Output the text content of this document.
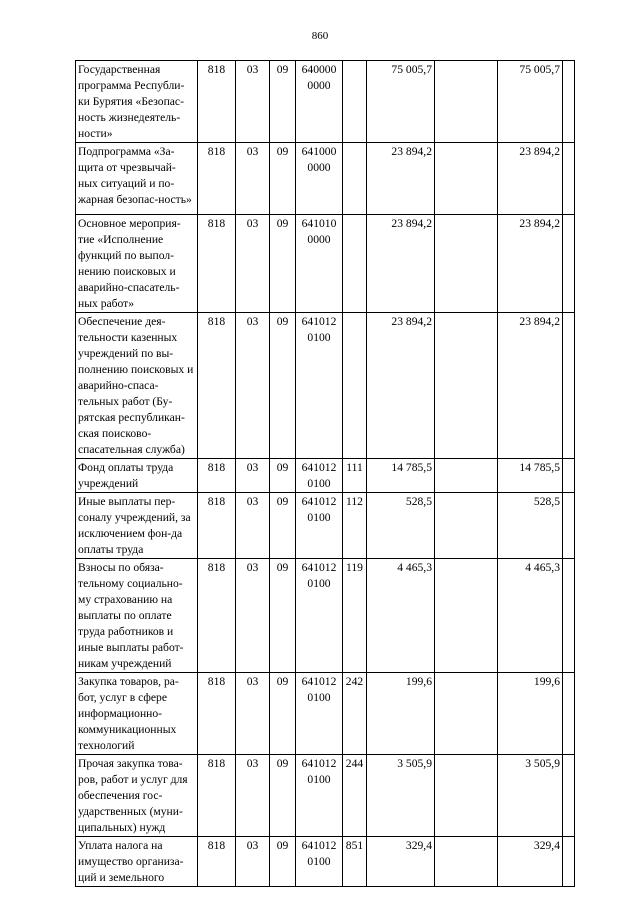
860
Государственная программа Республи-ки Бурятия «Безопас-ность жизнедеятель-ности»	818	03	09	640000 0000		75 005,7		75 005,7	
Подпрограмма «За-щита от чрезвычай-ных ситуаций и по-жарная безопас-ность»	818	03	09	641000 0000		23 894,2		23 894,2	
Основное мероприя-тие «Исполнение функций по выпол-нению поисковых и аварийно-спасатель-ных работ»	818	03	09	641010 0000		23 894,2		23 894,2	
Обеспечение дея-тельности казенных учреждений по вы-полнению поисковых и аварийно-спаса-тельных работ (Бу-рятская республикан-ская поисково-спасательная служба)	818	03	09	641012 0100		23 894,2		23 894,2	
Фонд оплаты труда учреждений	818	03	09	641012 0100	111	14 785,5		14 785,5	
Иные выплаты пер-соналу учреждений, за исключением фон-да оплаты труда	818	03	09	641012 0100	112	528,5		528,5	
Взносы по обяза-тельному социально-му страхованию на выплаты по оплате труда работников и иные выплаты работ-никам учреждений	818	03	09	641012 0100	119	4 465,3		4 465,3	
Закупка товаров, ра-бот, услуг в сфере информационно-коммуникационных технологий	818	03	09	641012 0100	242	199,6		199,6	
Прочая закупка това-ров, работ и услуг для обеспечения гос-ударственных (муни-ципальных) нужд	818	03	09	641012 0100	244	3 505,9		3 505,9	
Уплата налога на имущество организа-ций и земельного	818	03	09	641012 0100	851	329,4		329,4	
